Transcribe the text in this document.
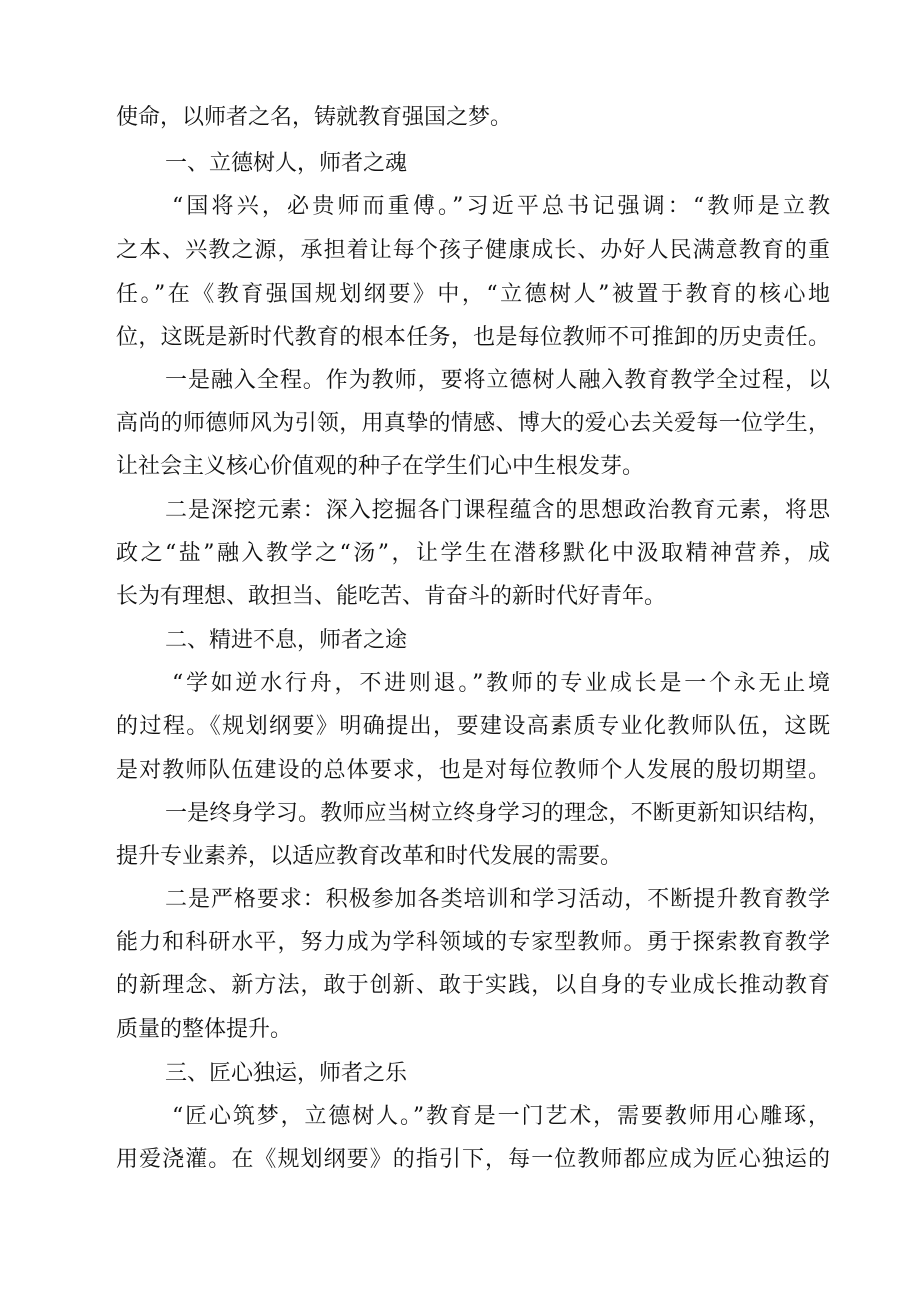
使命，以师者之名，铸就教育强国之梦。
一、立德树人，师者之魂
“国将兴，必贵师而重傅。”习近平总书记强调：“教师是立教
之本、兴教之源，承担着让每个孩子健康成长、办好人民满意教育的重
任。”在《教育强国规划纲要》中，“立德树人”被置于教育的核心地
位，这既是新时代教育的根本任务，也是每位教师不可推卸的历史责任。
一是融入全程。作为教师，要将立德树人融入教育教学全过程，以
高尚的师德师风为引领，用真挚的情感、博大的爱心去关爱每一位学生，
让社会主义核心价值观的种子在学生们心中生根发芽。
二是深挖元素：深入挖掘各门课程蕴含的思想政治教育元素，将思
政之“盐”融入教学之“汤”，让学生在潜移默化中汲取精神营养，成
长为有理想、敢担当、能吃苦、肯奋斗的新时代好青年。
二、精进不息，师者之途
“学如逆水行舟，不进则退。”教师的专业成长是一个永无止境
的过程。《规划纲要》明确提出，要建设高素质专业化教师队伍，这既
是对教师队伍建设的总体要求，也是对每位教师个人发展的殷切期望。
一是终身学习。教师应当树立终身学习的理念，不断更新知识结构，
提升专业素养，以适应教育改革和时代发展的需要。
二是严格要求：积极参加各类培训和学习活动，不断提升教育教学
能力和科研水平，努力成为学科领域的专家型教师。勇于探索教育教学
的新理念、新方法，敢于创新、敢于实践，以自身的专业成长推动教育
质量的整体提升。
三、匠心独运，师者之乐
“匠心筑梦，立德树人。”教育是一门艺术，需要教师用心雕琢，
用爱浇灌。在《规划纲要》的指引下，每一位教师都应成为匠心独运的
